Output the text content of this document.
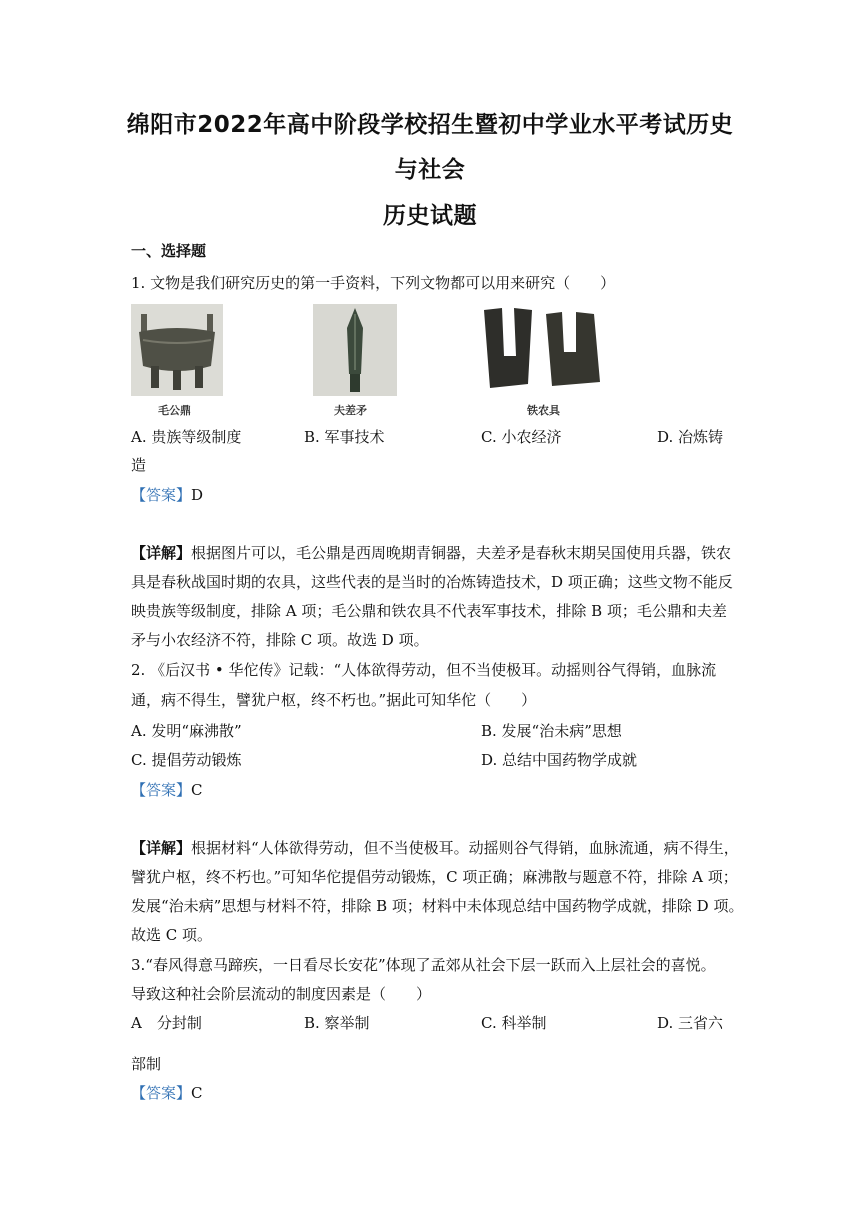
绵阳市2022年高中阶段学校招生暨初中学业水平考试历史
与社会
历史试题
一、选择题
1. 文物是我们研究历史的第一手资料，下列文物都可以用来研究（　　）
毛公鼎	夫差矛	铁农具
A. 贵族等级制度	B. 军事技术	C. 小农经济	D. 冶炼铸
造
【答案】D
【详解】根据图片可以，毛公鼎是西周晚期青铜器，夫差矛是春秋末期吴国使用兵器，铁农
具是春秋战国时期的农具，这些代表的是当时的冶炼铸造技术，D 项正确；这些文物不能反
映贵族等级制度，排除 A 项；毛公鼎和铁农具不代表军事技术，排除 B 项；毛公鼎和夫差
矛与小农经济不符，排除 C 项。故选 D 项。
2. 《后汉书 • 华佗传》记载：“人体欲得劳动，但不当使极耳。动摇则谷气得销，血脉流
通，病不得生，譬犹户枢，终不朽也。”据此可知华佗（　　）
A. 发明“麻沸散”	B. 发展“治未病”思想
C. 提倡劳动锻炼	D. 总结中国药物学成就
【答案】C
【详解】根据材料“人体欲得劳动，但不当使极耳。动摇则谷气得销，血脉流通，病不得生，
譬犹户枢，终不朽也。”可知华佗提倡劳动锻炼，C 项正确；麻沸散与题意不符，排除 A 项；
发展“治未病”思想与材料不符，排除 B 项；材料中未体现总结中国药物学成就，排除 D 项。
故选 C 项。
3.“春风得意马蹄疾，一日看尽长安花”体现了孟郊从社会下层一跃而入上层社会的喜悦。
导致这种社会阶层流动的制度因素是（　　）
A　分封制	B. 察举制	C. 科举制	D. 三省六
部制
【答案】C
